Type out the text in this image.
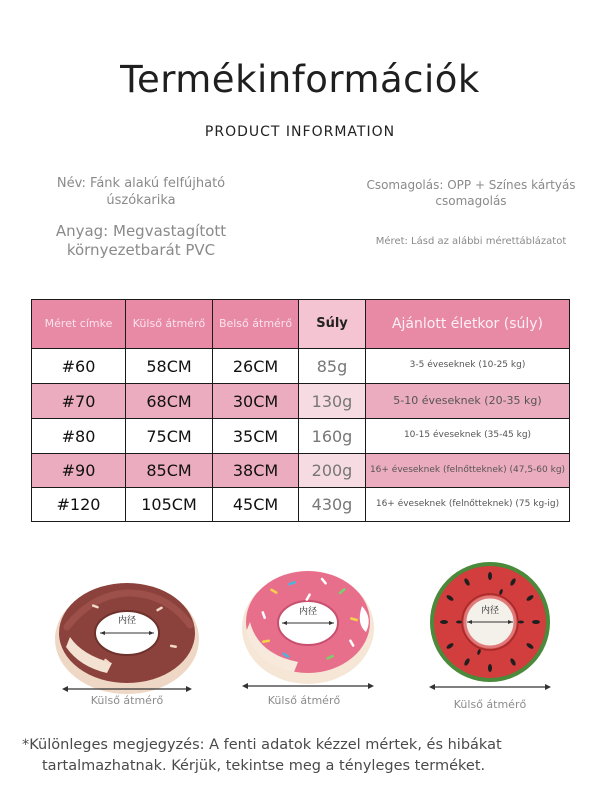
Termékinformációk
PRODUCT INFORMATION
Név: Fánk alakú felfújható úszókarika
Anyag: Megvastagított környezetbarát PVC
Csomagolás: OPP + Színes kártyás csomagolás
Méret: Lásd az alábbi mérettáblázatot
Méret címke	Külső átmérő	Belső átmérő	Súly	Ajánlott életkor (súly)
#60	58CM	26CM	85g	3-5 éveseknek (10-25 kg)
#70	68CM	30CM	130g	5-10 éveseknek (20-35 kg)
#80	75CM	35CM	160g	10-15 éveseknek (35-45 kg)
#90	85CM	38CM	200g	16+ éveseknek (felnőtteknek) (47,5-60 kg)
#120	105CM	45CM	430g	16+ éveseknek (felnőtteknek) (75 kg-ig)
内径
Külső átmérő
内径
Külső átmérő
内径
Külső átmérő
*Különleges megjegyzés: A fenti adatok kézzel mértek, és hibákat
tartalmazhatnak. Kérjük, tekintse meg a tényleges terméket.
